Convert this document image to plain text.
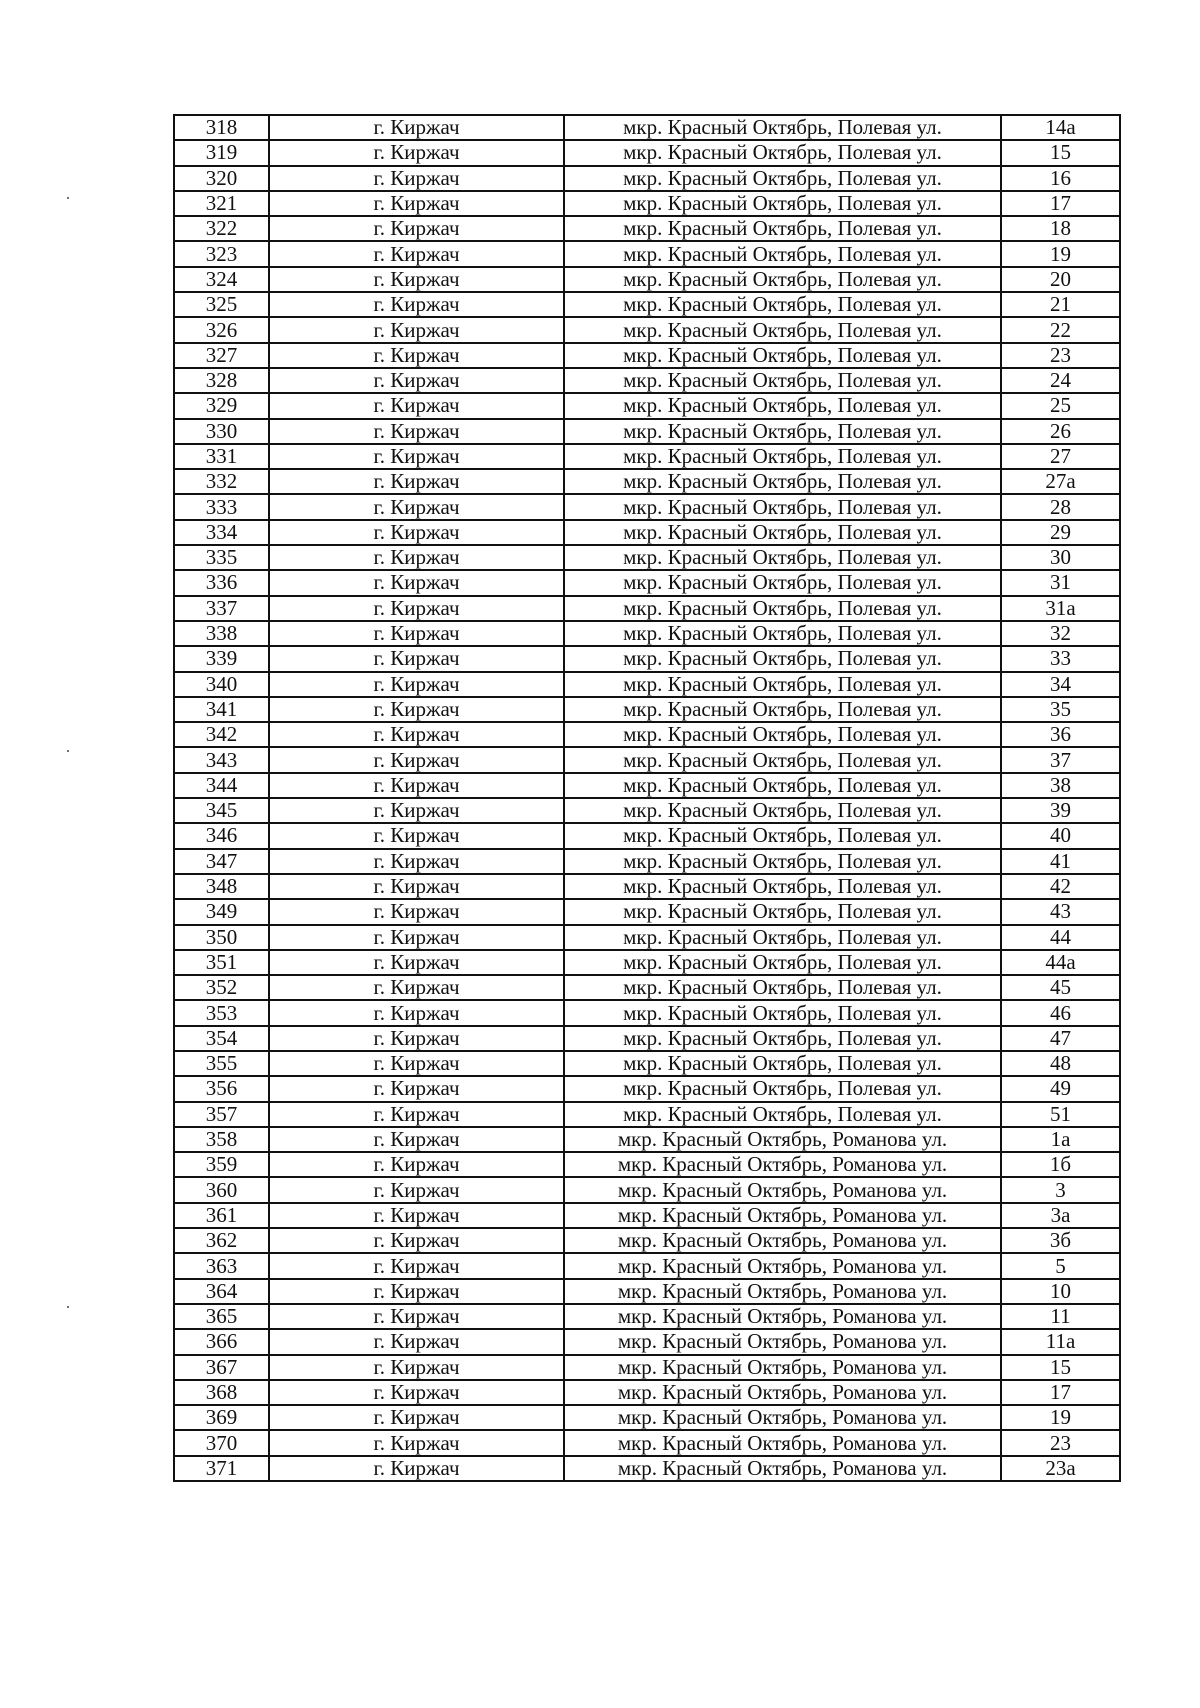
318	г. Киржач	мкр. Красный Октябрь, Полевая ул.	14а
319	г. Киржач	мкр. Красный Октябрь, Полевая ул.	15
320	г. Киржач	мкр. Красный Октябрь, Полевая ул.	16
321	г. Киржач	мкр. Красный Октябрь, Полевая ул.	17
322	г. Киржач	мкр. Красный Октябрь, Полевая ул.	18
323	г. Киржач	мкр. Красный Октябрь, Полевая ул.	19
324	г. Киржач	мкр. Красный Октябрь, Полевая ул.	20
325	г. Киржач	мкр. Красный Октябрь, Полевая ул.	21
326	г. Киржач	мкр. Красный Октябрь, Полевая ул.	22
327	г. Киржач	мкр. Красный Октябрь, Полевая ул.	23
328	г. Киржач	мкр. Красный Октябрь, Полевая ул.	24
329	г. Киржач	мкр. Красный Октябрь, Полевая ул.	25
330	г. Киржач	мкр. Красный Октябрь, Полевая ул.	26
331	г. Киржач	мкр. Красный Октябрь, Полевая ул.	27
332	г. Киржач	мкр. Красный Октябрь, Полевая ул.	27а
333	г. Киржач	мкр. Красный Октябрь, Полевая ул.	28
334	г. Киржач	мкр. Красный Октябрь, Полевая ул.	29
335	г. Киржач	мкр. Красный Октябрь, Полевая ул.	30
336	г. Киржач	мкр. Красный Октябрь, Полевая ул.	31
337	г. Киржач	мкр. Красный Октябрь, Полевая ул.	31а
338	г. Киржач	мкр. Красный Октябрь, Полевая ул.	32
339	г. Киржач	мкр. Красный Октябрь, Полевая ул.	33
340	г. Киржач	мкр. Красный Октябрь, Полевая ул.	34
341	г. Киржач	мкр. Красный Октябрь, Полевая ул.	35
342	г. Киржач	мкр. Красный Октябрь, Полевая ул.	36
343	г. Киржач	мкр. Красный Октябрь, Полевая ул.	37
344	г. Киржач	мкр. Красный Октябрь, Полевая ул.	38
345	г. Киржач	мкр. Красный Октябрь, Полевая ул.	39
346	г. Киржач	мкр. Красный Октябрь, Полевая ул.	40
347	г. Киржач	мкр. Красный Октябрь, Полевая ул.	41
348	г. Киржач	мкр. Красный Октябрь, Полевая ул.	42
349	г. Киржач	мкр. Красный Октябрь, Полевая ул.	43
350	г. Киржач	мкр. Красный Октябрь, Полевая ул.	44
351	г. Киржач	мкр. Красный Октябрь, Полевая ул.	44а
352	г. Киржач	мкр. Красный Октябрь, Полевая ул.	45
353	г. Киржач	мкр. Красный Октябрь, Полевая ул.	46
354	г. Киржач	мкр. Красный Октябрь, Полевая ул.	47
355	г. Киржач	мкр. Красный Октябрь, Полевая ул.	48
356	г. Киржач	мкр. Красный Октябрь, Полевая ул.	49
357	г. Киржач	мкр. Красный Октябрь, Полевая ул.	51
358	г. Киржач	мкр. Красный Октябрь, Романова ул.	1а
359	г. Киржач	мкр. Красный Октябрь, Романова ул.	1б
360	г. Киржач	мкр. Красный Октябрь, Романова ул.	3
361	г. Киржач	мкр. Красный Октябрь, Романова ул.	3а
362	г. Киржач	мкр. Красный Октябрь, Романова ул.	3б
363	г. Киржач	мкр. Красный Октябрь, Романова ул.	5
364	г. Киржач	мкр. Красный Октябрь, Романова ул.	10
365	г. Киржач	мкр. Красный Октябрь, Романова ул.	11
366	г. Киржач	мкр. Красный Октябрь, Романова ул.	11а
367	г. Киржач	мкр. Красный Октябрь, Романова ул.	15
368	г. Киржач	мкр. Красный Октябрь, Романова ул.	17
369	г. Киржач	мкр. Красный Октябрь, Романова ул.	19
370	г. Киржач	мкр. Красный Октябрь, Романова ул.	23
371	г. Киржач	мкр. Красный Октябрь, Романова ул.	23а
